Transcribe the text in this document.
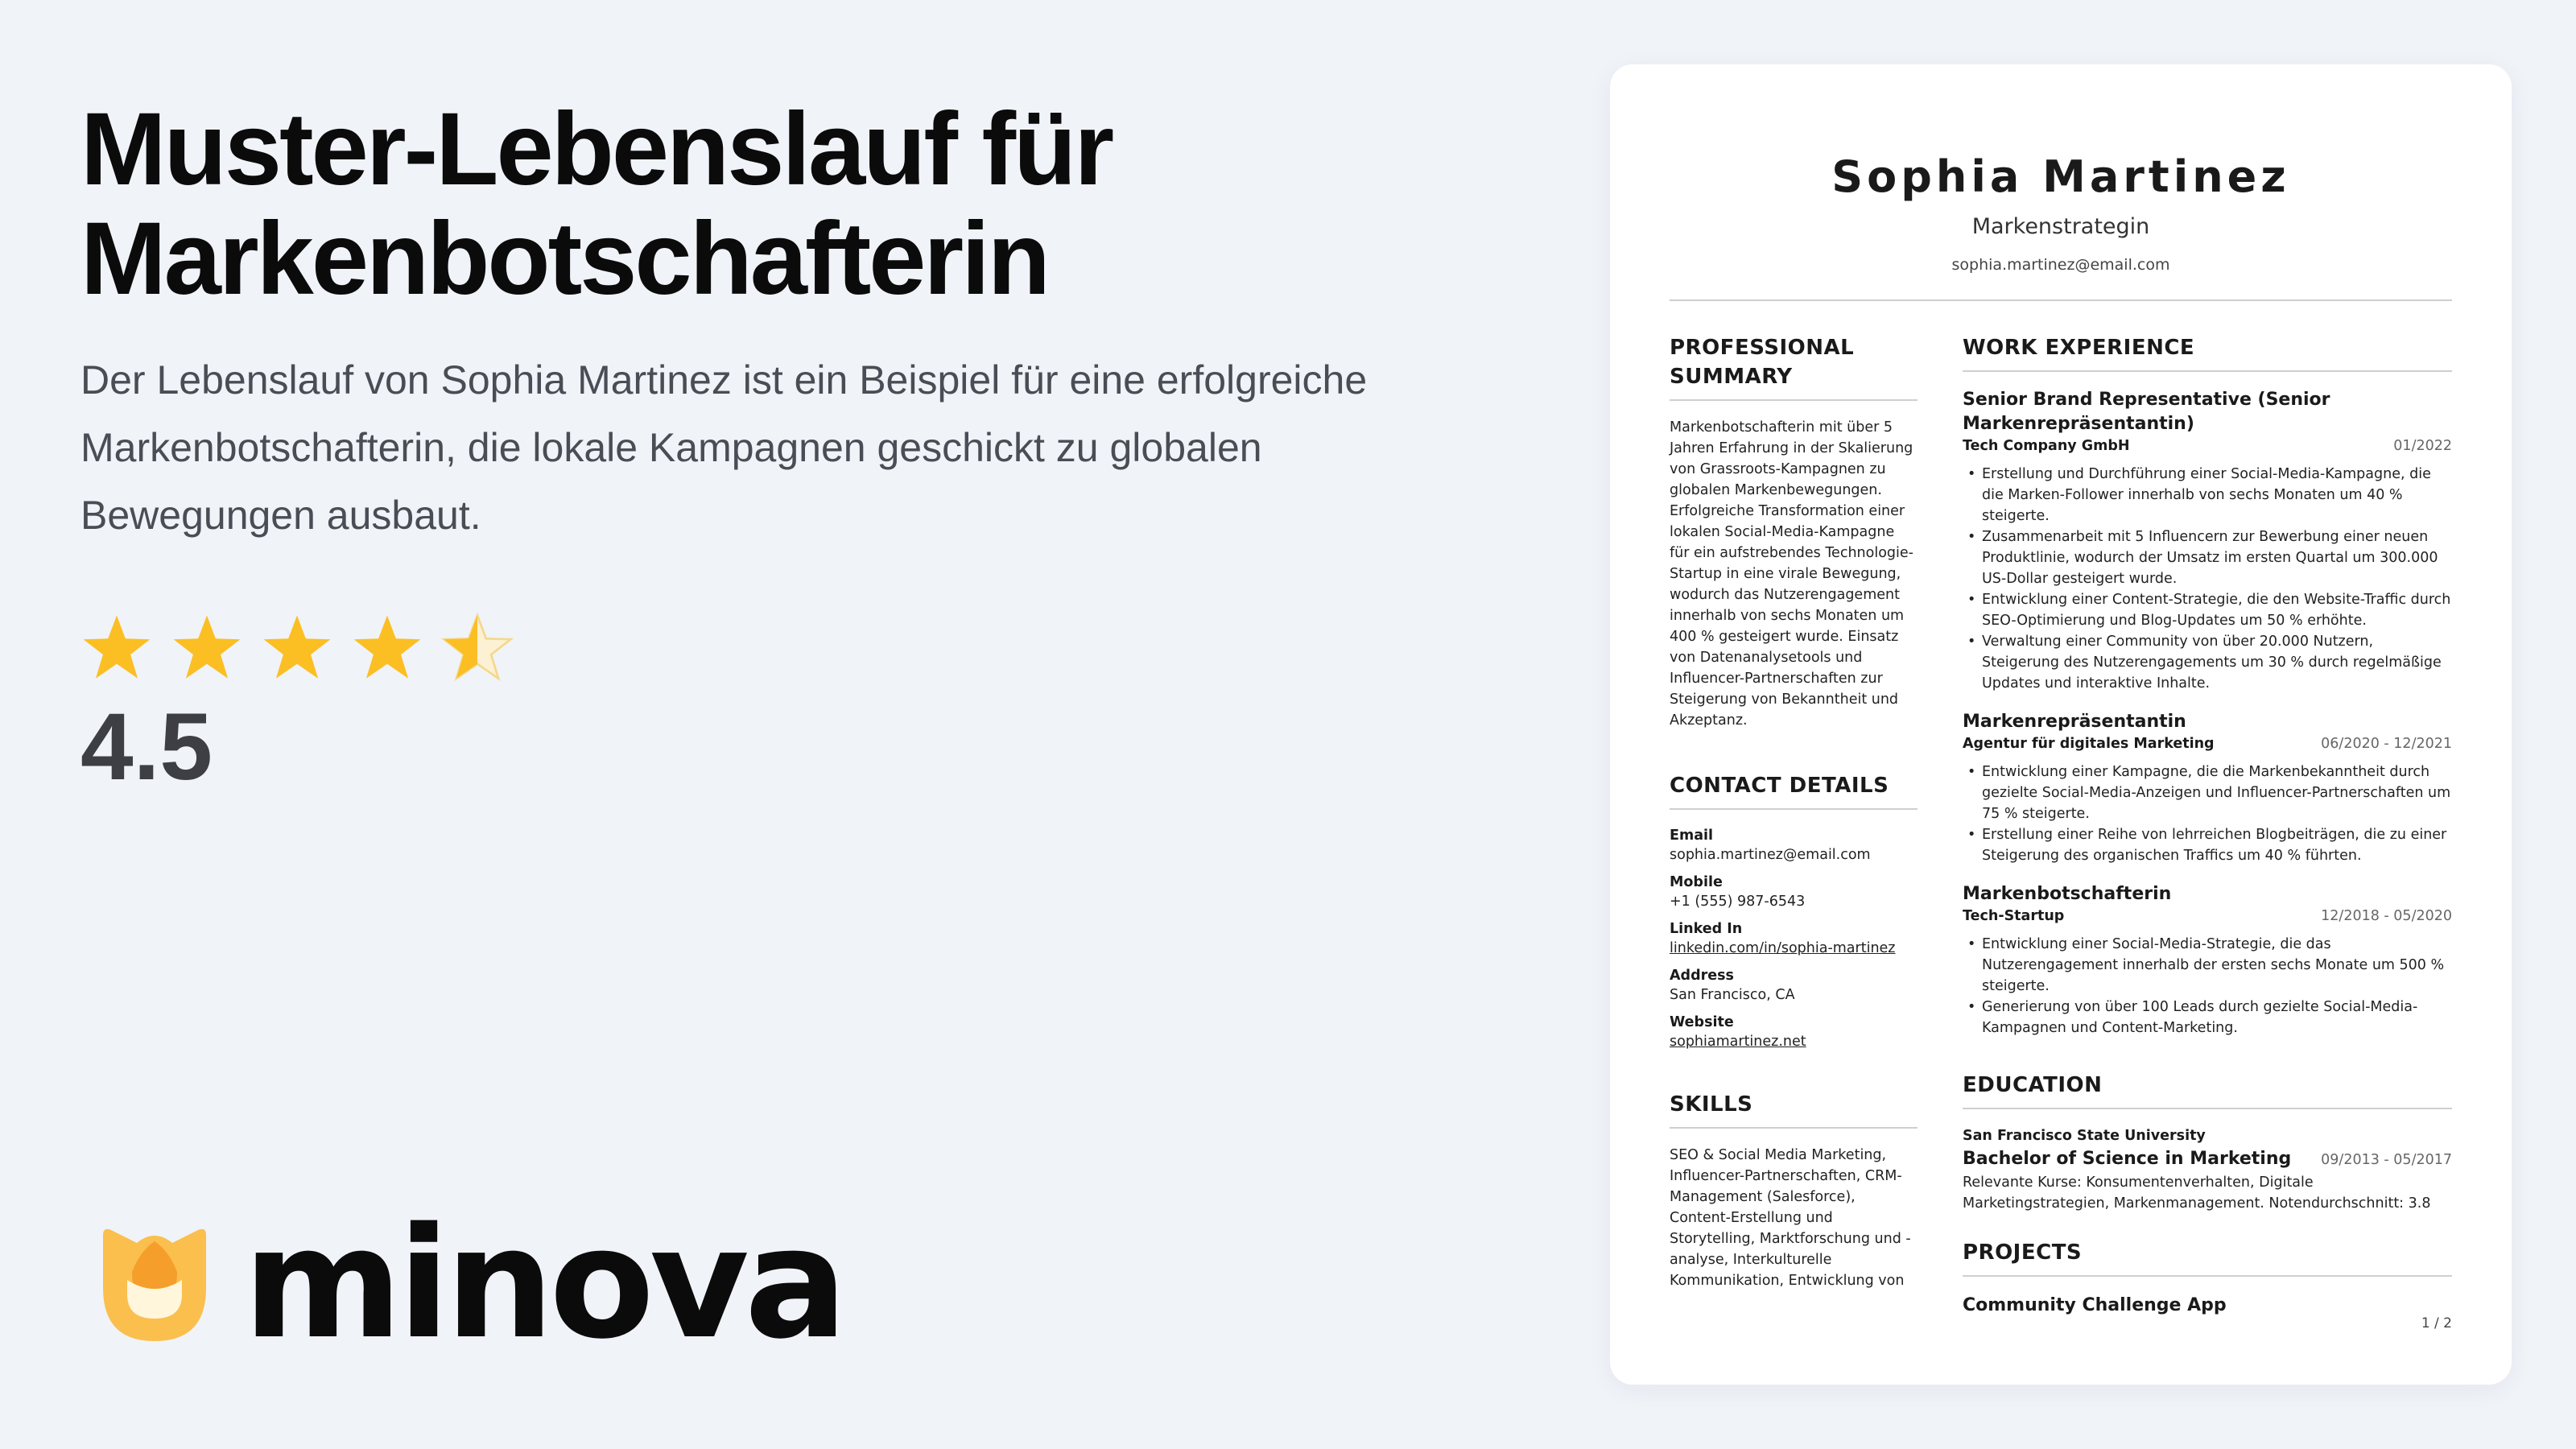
Muster-Lebenslauf für
Markenbotschafterin

Der Lebenslauf von Sophia Martinez ist ein Beispiel für eine erfolgreiche Markenbotschafterin, die lokale Kampagnen geschickt zu globalen Bewegungen ausbaut.

4.5
minova
Sophia Martinez
Markenstrategin
sophia.martinez@email.com
PROFESSIONAL SUMMARY
Markenbotschafterin mit über 5 Jahren Erfahrung in der Skalierung von Grassroots-Kampagnen zu globalen Markenbewegungen. Erfolgreiche Transformation einer lokalen Social-Media-Kampagne für ein aufstrebendes Technologie-Startup in eine virale Bewegung, wodurch das Nutzerengagement innerhalb von sechs Monaten um 400 % gesteigert wurde. Einsatz von Datenanalysetools und Influencer-Partnerschaften zur Steigerung von Bekanntheit und Akzeptanz.
CONTACT DETAILS
Email
sophia.martinez@email.com
Mobile
+1 (555) 987-6543
Linked In
linkedin.com/in/sophia-martinez
Address
San Francisco, CA
Website
sophiamartinez.net
SKILLS
SEO & Social Media Marketing, Influencer-Partnerschaften, CRM-Management (Salesforce), Content-Erstellung und Storytelling, Marktforschung und -analyse, Interkulturelle Kommunikation, Entwicklung von
WORK EXPERIENCE
Senior Brand Representative (Senior Markenrepräsentantin)
Tech Company GmbH	01/2022
• Erstellung und Durchführung einer Social-Media-Kampagne, die die Marken-Follower innerhalb von sechs Monaten um 40 % steigerte.
• Zusammenarbeit mit 5 Influencern zur Bewerbung einer neuen Produktlinie, wodurch der Umsatz im ersten Quartal um 300.000 US-Dollar gesteigert wurde.
• Entwicklung einer Content-Strategie, die den Website-Traffic durch SEO-Optimierung und Blog-Updates um 50 % erhöhte.
• Verwaltung einer Community von über 20.000 Nutzern, Steigerung des Nutzerengagements um 30 % durch regelmäßige Updates und interaktive Inhalte.
Markenrepräsentantin
Agentur für digitales Marketing	06/2020 - 12/2021
• Entwicklung einer Kampagne, die die Markenbekanntheit durch gezielte Social-Media-Anzeigen und Influencer-Partnerschaften um 75 % steigerte.
• Erstellung einer Reihe von lehrreichen Blogbeiträgen, die zu einer Steigerung des organischen Traffics um 40 % führten.
Markenbotschafterin
Tech-Startup	12/2018 - 05/2020
• Entwicklung einer Social-Media-Strategie, die das Nutzerengagement innerhalb der ersten sechs Monate um 500 % steigerte.
• Generierung von über 100 Leads durch gezielte Social-Media-Kampagnen und Content-Marketing.
EDUCATION
San Francisco State University
Bachelor of Science in Marketing 09/2013 - 05/2017
Relevante Kurse: Konsumentenverhalten, Digitale Marketingstrategien, Markenmanagement. Notendurchschnitt: 3.8
PROJECTS
Community Challenge App
1 / 2
